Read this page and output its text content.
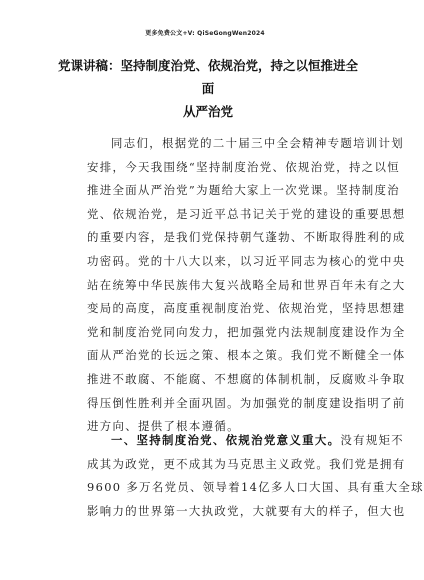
更多免费公文+V: QiSeGongWen2024
党课讲稿：坚持制度治党、依规治党，持之以恒推进全面
从严治党
同志们，根据党的二十届三中全会精神专题培训计划
安排，今天我围绕“坚持制度治党、依规治党，持之以恒
推进全面从严治党”为题给大家上一次党课。坚持制度治
党、依规治党，是习近平总书记关于党的建设的重要思想
的重要内容，是我们党保持朝气蓬勃、不断取得胜利的成
功密码。党的十八大以来，以习近平同志为核心的党中央
站在统筹中华民族伟大复兴战略全局和世界百年未有之大
变局的高度，高度重视制度治党、依规治党，坚持思想建
党和制度治党同向发力，把加强党内法规制度建设作为全
面从严治党的长远之策、根本之策。我们党不断健全一体
推进不敢腐、不能腐、不想腐的体制机制，反腐败斗争取
得压倒性胜利并全面巩固。为加强党的制度建设指明了前
进方向、提供了根本遵循。
一、坚持制度治党、依规治党意义重大。没有规矩不
成其为政党，更不成其为马克思主义政党。我们党是拥有
9600 多万名党员、领导着14亿多人口大国、具有重大全球
影响力的世界第一大执政党，大就要有大的样子，但大也
